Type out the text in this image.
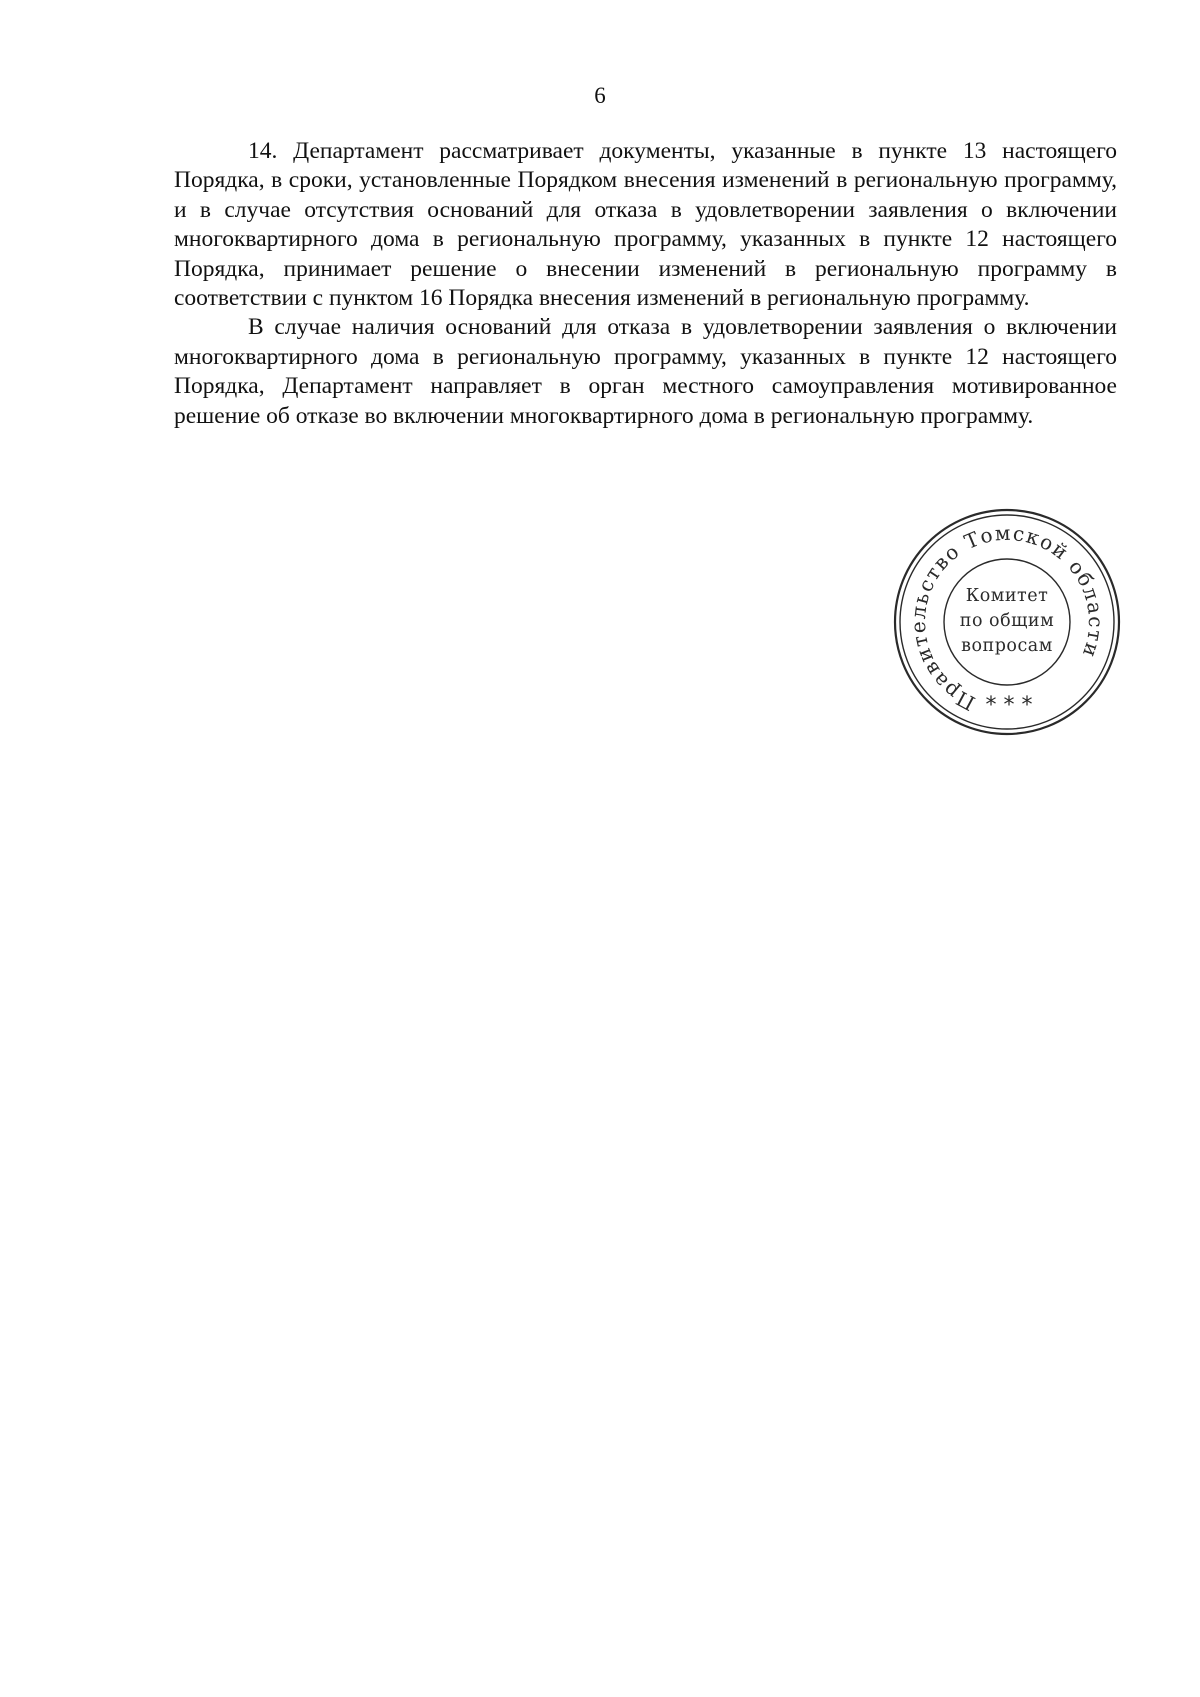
6

14. Департамент рассматривает документы, указанные в пункте 13 настоящего Порядка, в сроки, установленные Порядком внесения изменений в региональную программу, и в случае отсутствия оснований для отказа в удовлетворении заявления о включении многоквартирного дома в региональную программу, указанных в пункте 12 настоящего Порядка, принимает решение о внесении изменений в региональную программу в соответствии с пунктом 16 Порядка внесения изменений в региональную программу.

В случае наличия оснований для отказа в удовлетворении заявления о включении многоквартирного дома в региональную программу, указанных в пункте 12 настоящего Порядка, Департамент направляет в орган местного самоуправления мотивированное решение об отказе во включении многоквартирного дома в региональную программу.

Правительство Томской области
Комитет
по общим
вопросам
* * *
